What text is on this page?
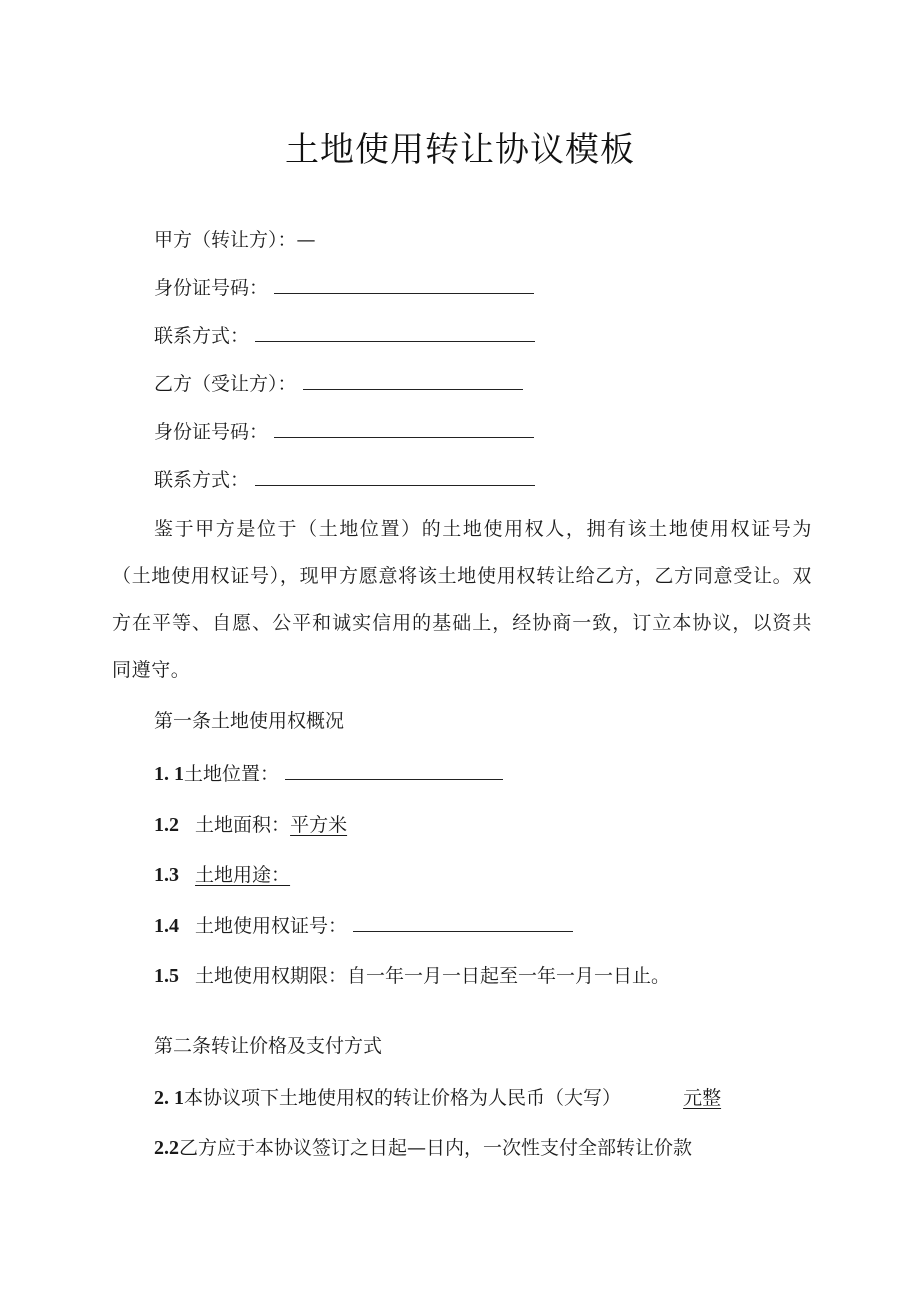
土地使用转让协议模板
甲方（转让方）：—
身份证号码：
联系方式：
乙方（受让方）：
身份证号码：
联系方式：
鉴于甲方是位于（土地位置）的土地使用权人，拥有该土地使用权证号为（土地使用权证号），现甲方愿意将该土地使用权转让给乙方，乙方同意受让。双方在平等、自愿、公平和诚实信用的基础上，经协商一致，订立本协议，以资共同遵守。
第一条土地使用权概况
1. 1土地位置：
1.2 土地面积：平方米
1.3 土地用途：
1.4 土地使用权证号：
1.5 土地使用权期限：自一年一月一日起至一年一月一日止。
第二条转让价格及支付方式
2. 1本协议项下土地使用权的转让价格为人民币（大写）	元整
2.2乙方应于本协议签订之日起—日内，一次性支付全部转让价款
